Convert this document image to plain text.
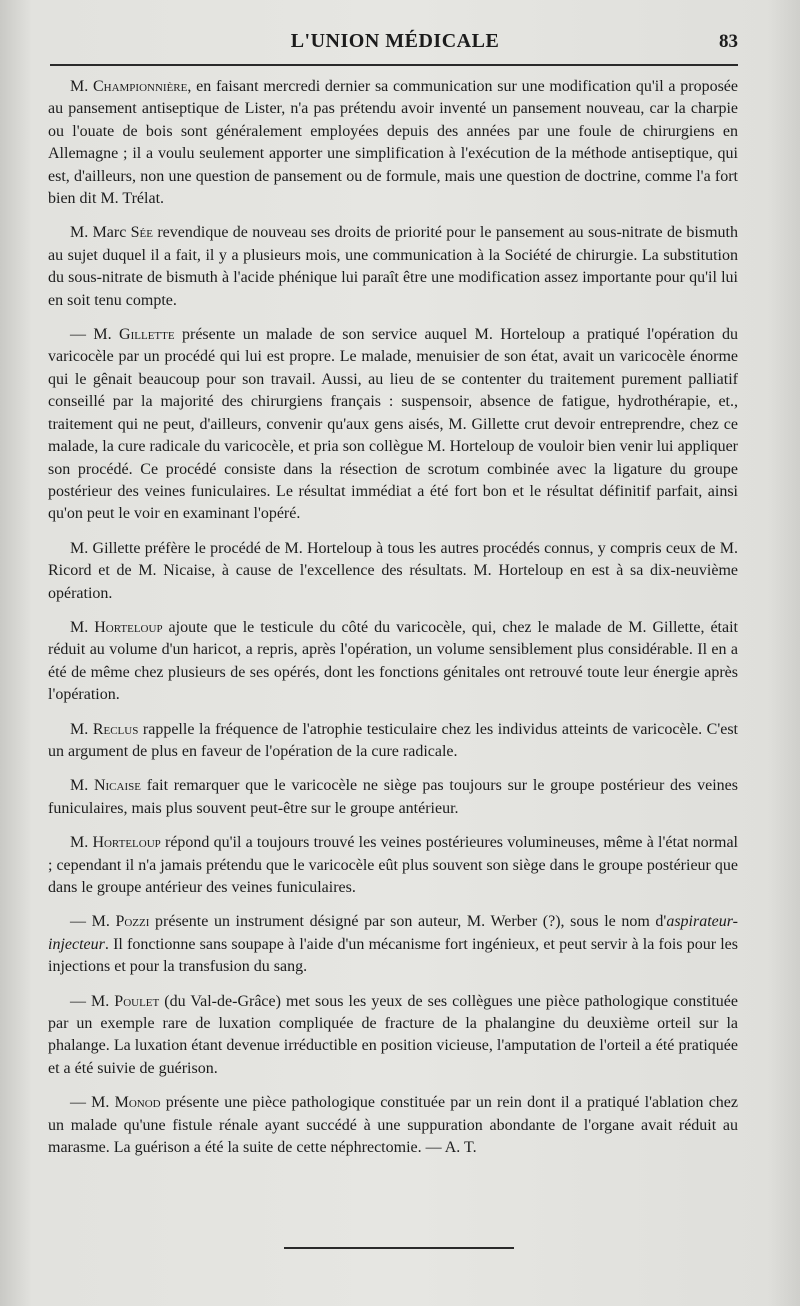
L'UNION MÉDICALE	83

M. Championnière, en faisant mercredi dernier sa communication sur une modification qu'il a proposée au pansement antiseptique de Lister, n'a pas prétendu avoir inventé un pansement nouveau, car la charpie ou l'ouate de bois sont généralement employées depuis des années par une foule de chirurgiens en Allemagne ; il a voulu seulement apporter une simplification à l'exécution de la méthode antiseptique, qui est, d'ailleurs, non une question de pansement ou de formule, mais une question de doctrine, comme l'a fort bien dit M. Trélat.

M. Marc Sée revendique de nouveau ses droits de priorité pour le pansement au sous-nitrate de bismuth au sujet duquel il a fait, il y a plusieurs mois, une communication à la Société de chirurgie. La substitution du sous-nitrate de bismuth à l'acide phénique lui paraît être une modification assez importante pour qu'il lui en soit tenu compte.

— M. Gillette présente un malade de son service auquel M. Horteloup a pratiqué l'opération du varicocèle par un procédé qui lui est propre. Le malade, menuisier de son état, avait un varicocèle énorme qui le gênait beaucoup pour son travail. Aussi, au lieu de se contenter du traitement purement palliatif conseillé par la majorité des chirurgiens français : suspensoir, absence de fatigue, hydrothérapie, et., traitement qui ne peut, d'ailleurs, convenir qu'aux gens aisés, M. Gillette crut devoir entreprendre, chez ce malade, la cure radicale du varicocèle, et pria son collègue M. Horteloup de vouloir bien venir lui appliquer son procédé. Ce procédé consiste dans la résection de scrotum combinée avec la ligature du groupe postérieur des veines funiculaires. Le résultat immédiat a été fort bon et le résultat définitif parfait, ainsi qu'on peut le voir en examinant l'opéré.

M. Gillette préfère le procédé de M. Horteloup à tous les autres procédés connus, y compris ceux de M. Ricord et de M. Nicaise, à cause de l'excellence des résultats. M. Horteloup en est à sa dix-neuvième opération.

M. Horteloup ajoute que le testicule du côté du varicocèle, qui, chez le malade de M. Gillette, était réduit au volume d'un haricot, a repris, après l'opération, un volume sensiblement plus considérable. Il en a été de même chez plusieurs de ses opérés, dont les fonctions génitales ont retrouvé toute leur énergie après l'opération.

M. Reclus rappelle la fréquence de l'atrophie testiculaire chez les individus atteints de varicocèle. C'est un argument de plus en faveur de l'opération de la cure radicale.

M. Nicaise fait remarquer que le varicocèle ne siège pas toujours sur le groupe postérieur des veines funiculaires, mais plus souvent peut-être sur le groupe antérieur.

M. Horteloup répond qu'il a toujours trouvé les veines postérieures volumineuses, même à l'état normal ; cependant il n'a jamais prétendu que le varicocèle eût plus souvent son siège dans le groupe postérieur que dans le groupe antérieur des veines funiculaires.

— M. Pozzi présente un instrument désigné par son auteur, M. Werber (?), sous le nom d'aspirateur-injecteur. Il fonctionne sans soupape à l'aide d'un mécanisme fort ingénieux, et peut servir à la fois pour les injections et pour la transfusion du sang.

— M. Poulet (du Val-de-Grâce) met sous les yeux de ses collègues une pièce pathologique constituée par un exemple rare de luxation compliquée de fracture de la phalangine du deuxième orteil sur la phalange. La luxation étant devenue irréductible en position vicieuse, l'amputation de l'orteil a été pratiquée et a été suivie de guérison.

— M. Monod présente une pièce pathologique constituée par un rein dont il a pratiqué l'ablation chez un malade qu'une fistule rénale ayant succédé à une suppuration abondante de l'organe avait réduit au marasme. La guérison a été la suite de cette néphrectomie. — A. T.
